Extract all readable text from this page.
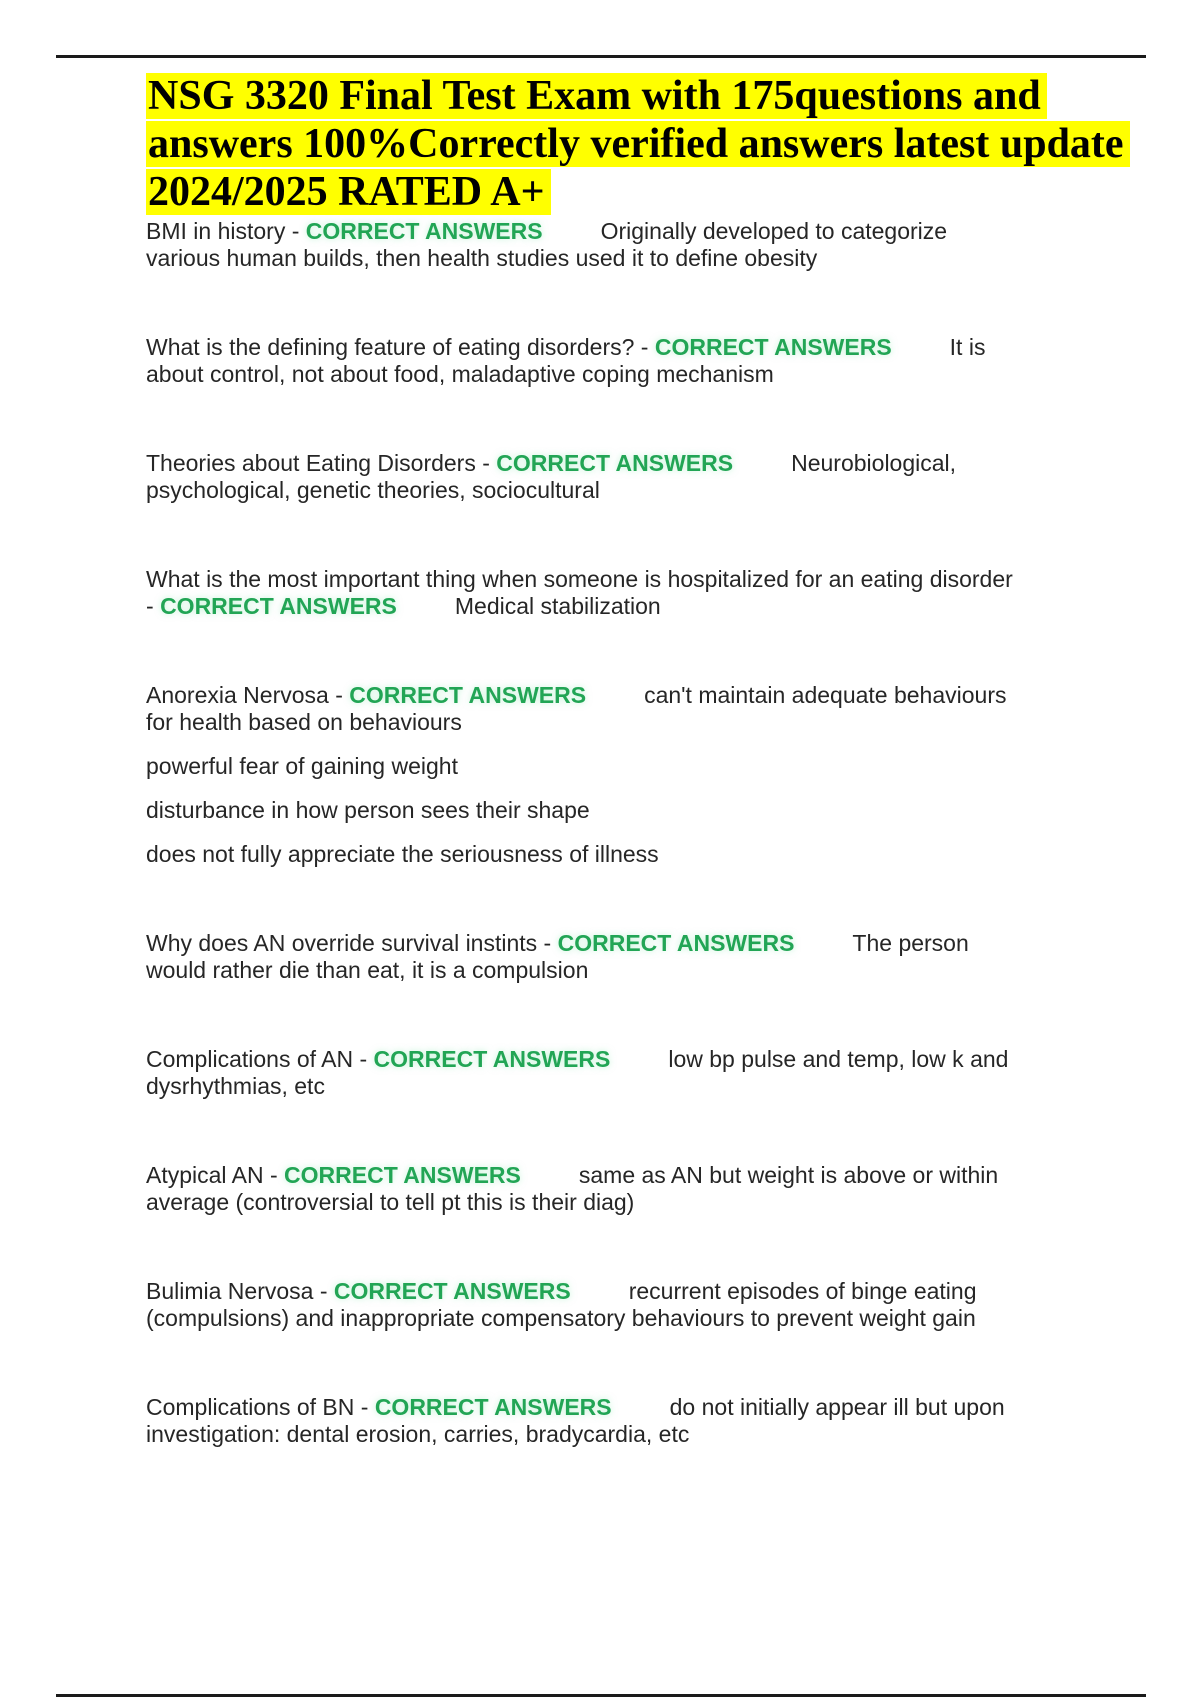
NSG 3320 Final Test Exam with 175questions and
answers 100%Correctly verified answers latest update
2024/2025 RATED A+

BMI in history - CORRECT ANSWERS	Originally developed to categorize various human builds, then health studies used it to define obesity

What is the defining feature of eating disorders? - CORRECT ANSWERS	It is about control, not about food, maladaptive coping mechanism

Theories about Eating Disorders - CORRECT ANSWERS	Neurobiological, psychological, genetic theories, sociocultural

What is the most important thing when someone is hospitalized for an eating disorder - CORRECT ANSWERS	Medical stabilization

Anorexia Nervosa - CORRECT ANSWERS	can't maintain adequate behaviours for health based on behaviours

powerful fear of gaining weight

disturbance in how person sees their shape

does not fully appreciate the seriousness of illness

Why does AN override survival instints - CORRECT ANSWERS	The person would rather die than eat, it is a compulsion

Complications of AN - CORRECT ANSWERS	low bp pulse and temp, low k and dysrhythmias, etc

Atypical AN - CORRECT ANSWERS	same as AN but weight is above or within average (controversial to tell pt this is their diag)

Bulimia Nervosa - CORRECT ANSWERS	recurrent episodes of binge eating (compulsions) and inappropriate compensatory behaviours to prevent weight gain

Complications of BN - CORRECT ANSWERS	do not initially appear ill but upon investigation: dental erosion, carries, bradycardia, etc
